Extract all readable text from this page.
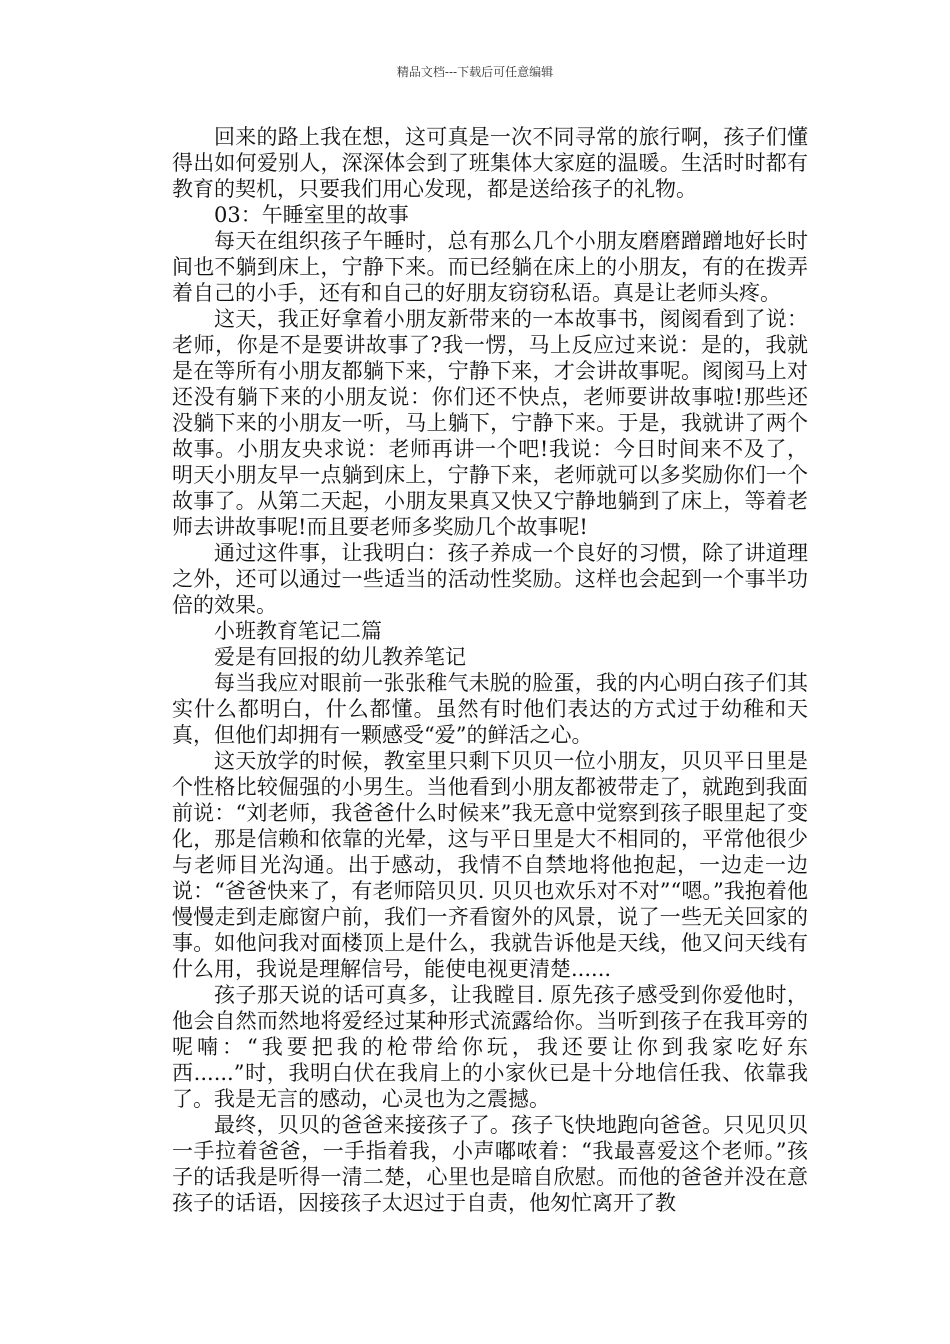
精品文档---下载后可任意编辑

回来的路上我在想，这可真是一次不同寻常的旅行啊，孩子们懂得出如何爱别人，深深体会到了班集体大家庭的温暖。生活时时都有教育的契机，只要我们用心发现，都是送给孩子的礼物。

03：午睡室里的故事

每天在组织孩子午睡时，总有那么几个小朋友磨磨蹭蹭地好长时间也不躺到床上，宁静下来。而已经躺在床上的小朋友，有的在拨弄着自己的小手，还有和自己的好朋友窃窃私语。真是让老师头疼。

这天，我正好拿着小朋友新带来的一本故事书，阂阂看到了说：老师，你是不是要讲故事了?我一愣，马上反应过来说：是的，我就是在等所有小朋友都躺下来，宁静下来，才会讲故事呢。阂阂马上对还没有躺下来的小朋友说：你们还不快点，老师要讲故事啦!那些还没躺下来的小朋友一听，马上躺下，宁静下来。于是，我就讲了两个故事。小朋友央求说：老师再讲一个吧!我说：今日时间来不及了，明天小朋友早一点躺到床上，宁静下来，老师就可以多奖励你们一个故事了。从第二天起，小朋友果真又快又宁静地躺到了床上，等着老师去讲故事呢!而且要老师多奖励几个故事呢!

通过这件事，让我明白：孩子养成一个良好的习惯，除了讲道理之外，还可以通过一些适当的活动性奖励。这样也会起到一个事半功倍的效果。

小班教育笔记二篇

爱是有回报的幼儿教养笔记

每当我应对眼前一张张稚气未脱的脸蛋，我的内心明白孩子们其实什么都明白，什么都懂。虽然有时他们表达的方式过于幼稚和天真，但他们却拥有一颗感受“爱”的鲜活之心。

这天放学的时候，教室里只剩下贝贝一位小朋友，贝贝平日里是个性格比较倔强的小男生。当他看到小朋友都被带走了，就跑到我面前说：“刘老师，我爸爸什么时候来”我无意中觉察到孩子眼里起了变化，那是信赖和依靠的光晕，这与平日里是大不相同的，平常他很少与老师目光沟通。出于感动，我情不自禁地将他抱起，一边走一边说：“爸爸快来了，有老师陪贝贝. 贝贝也欢乐对不对”“嗯。”我抱着他慢慢走到走廊窗户前，我们一齐看窗外的风景，说了一些无关回家的事。如他问我对面楼顶上是什么，我就告诉他是天线，他又问天线有什么用，我说是理解信号，能使电视更清楚......

孩子那天说的话可真多，让我瞠目. 原先孩子感受到你爱他时，他会自然而然地将爱经过某种形式流露给你。当听到孩子在我耳旁的呢喃：“我要把我的枪带给你玩，我还要让你到我家吃好东西......”时，我明白伏在我肩上的小家伙已是十分地信任我、依靠我了。我是无言的感动，心灵也为之震撼。

最终，贝贝的爸爸来接孩子了。孩子飞快地跑向爸爸。只见贝贝一手拉着爸爸，一手指着我，小声嘟哝着：“我最喜爱这个老师。”孩子的话我是听得一清二楚，心里也是暗自欣慰。而他的爸爸并没在意孩子的话语，因接孩子太迟过于自责，他匆忙离开了教
